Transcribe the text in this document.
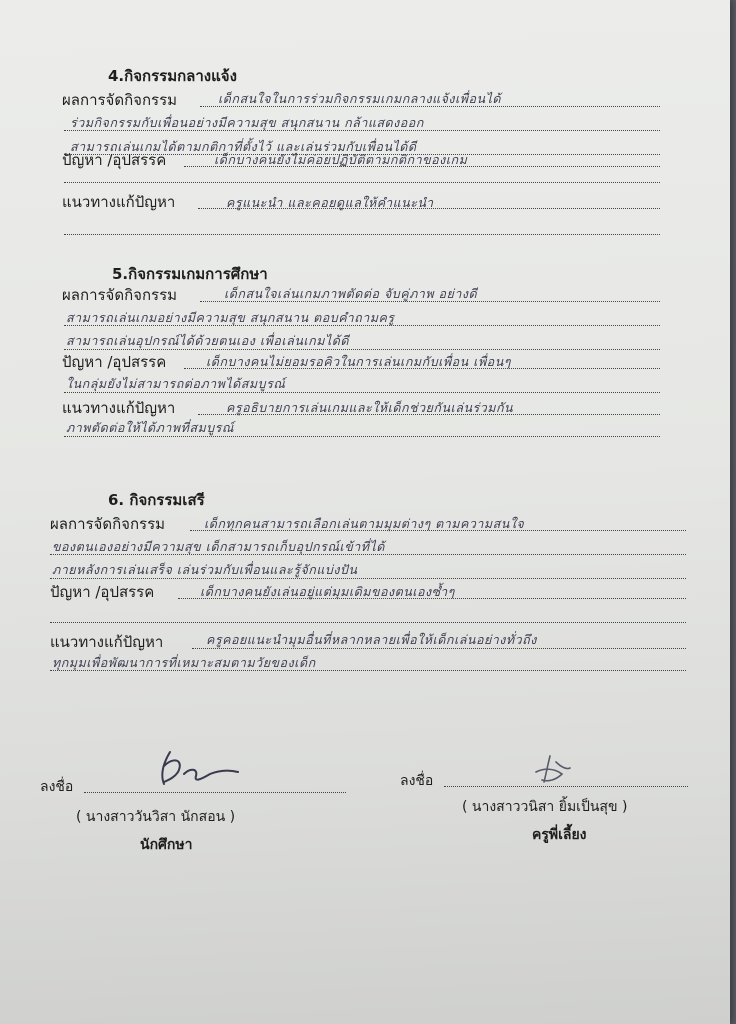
4.กิจกรรมกลางแจ้ง
ผลการจัดกิจกรรม	เด็กสนใจในการร่วมกิจกรรมเกมกลางแจ้งเพื่อนได้
ร่วมกิจกรรมกับเพื่อนอย่างมีความสุข สนุกสนาน กล้าแสดงออก
สามารถเล่นเกมได้ตามกติกาที่ตั้งไว้ และเล่นร่วมกับเพื่อนได้ดี
ปัญหา /อุปสรรค	เด็กบางคนยังไม่ค่อยปฏิบัติตามกติกาของเกม
แนวทางแก้ปัญหา	ครูแนะนำ และคอยดูแลให้คำแนะนำ
5.กิจกรรมเกมการศึกษา
ผลการจัดกิจกรรม	เด็กสนใจเล่นเกมภาพตัดต่อ จับคู่ภาพ อย่างดี
สามารถเล่นเกมอย่างมีความสุข สนุกสนาน ตอบคำถามครู
สามารถเล่นอุปกรณ์ได้ด้วยตนเอง เพื่อเล่นเกมได้ดี
ปัญหา /อุปสรรค	เด็กบางคนไม่ยอมรอคิวในการเล่นเกมกับเพื่อน เพื่อนๆ
ในกลุ่มยังไม่สามารถต่อภาพได้สมบูรณ์
แนวทางแก้ปัญหา	ครูอธิบายการเล่นเกมและให้เด็กช่วยกันเล่นร่วมกัน
ภาพตัดต่อให้ได้ภาพที่สมบูรณ์
6. กิจกรรมเสรี
ผลการจัดกิจกรรม	เด็กทุกคนสามารถเลือกเล่นตามมุมต่างๆ ตามความสนใจ
ของตนเองอย่างมีความสุข เด็กสามารถเก็บอุปกรณ์เข้าที่ได้
ภายหลังการเล่นเสร็จ เล่นร่วมกับเพื่อนและรู้จักแบ่งปัน
ปัญหา /อุปสรรค	เด็กบางคนยังเล่นอยู่แต่มุมเดิมของตนเองซ้ำๆ
แนวทางแก้ปัญหา	ครูคอยแนะนำมุมอื่นที่หลากหลายเพื่อให้เด็กเล่นอย่างทั่วถึง
ทุกมุมเพื่อพัฒนาการที่เหมาะสมตามวัยของเด็ก
ลงชื่อ
( นางสาววันวิสา นักสอน )
นักศึกษา
ลงชื่อ
( นางสาววนิสา ยิ้มเป็นสุข )
ครูพี่เลี้ยง
